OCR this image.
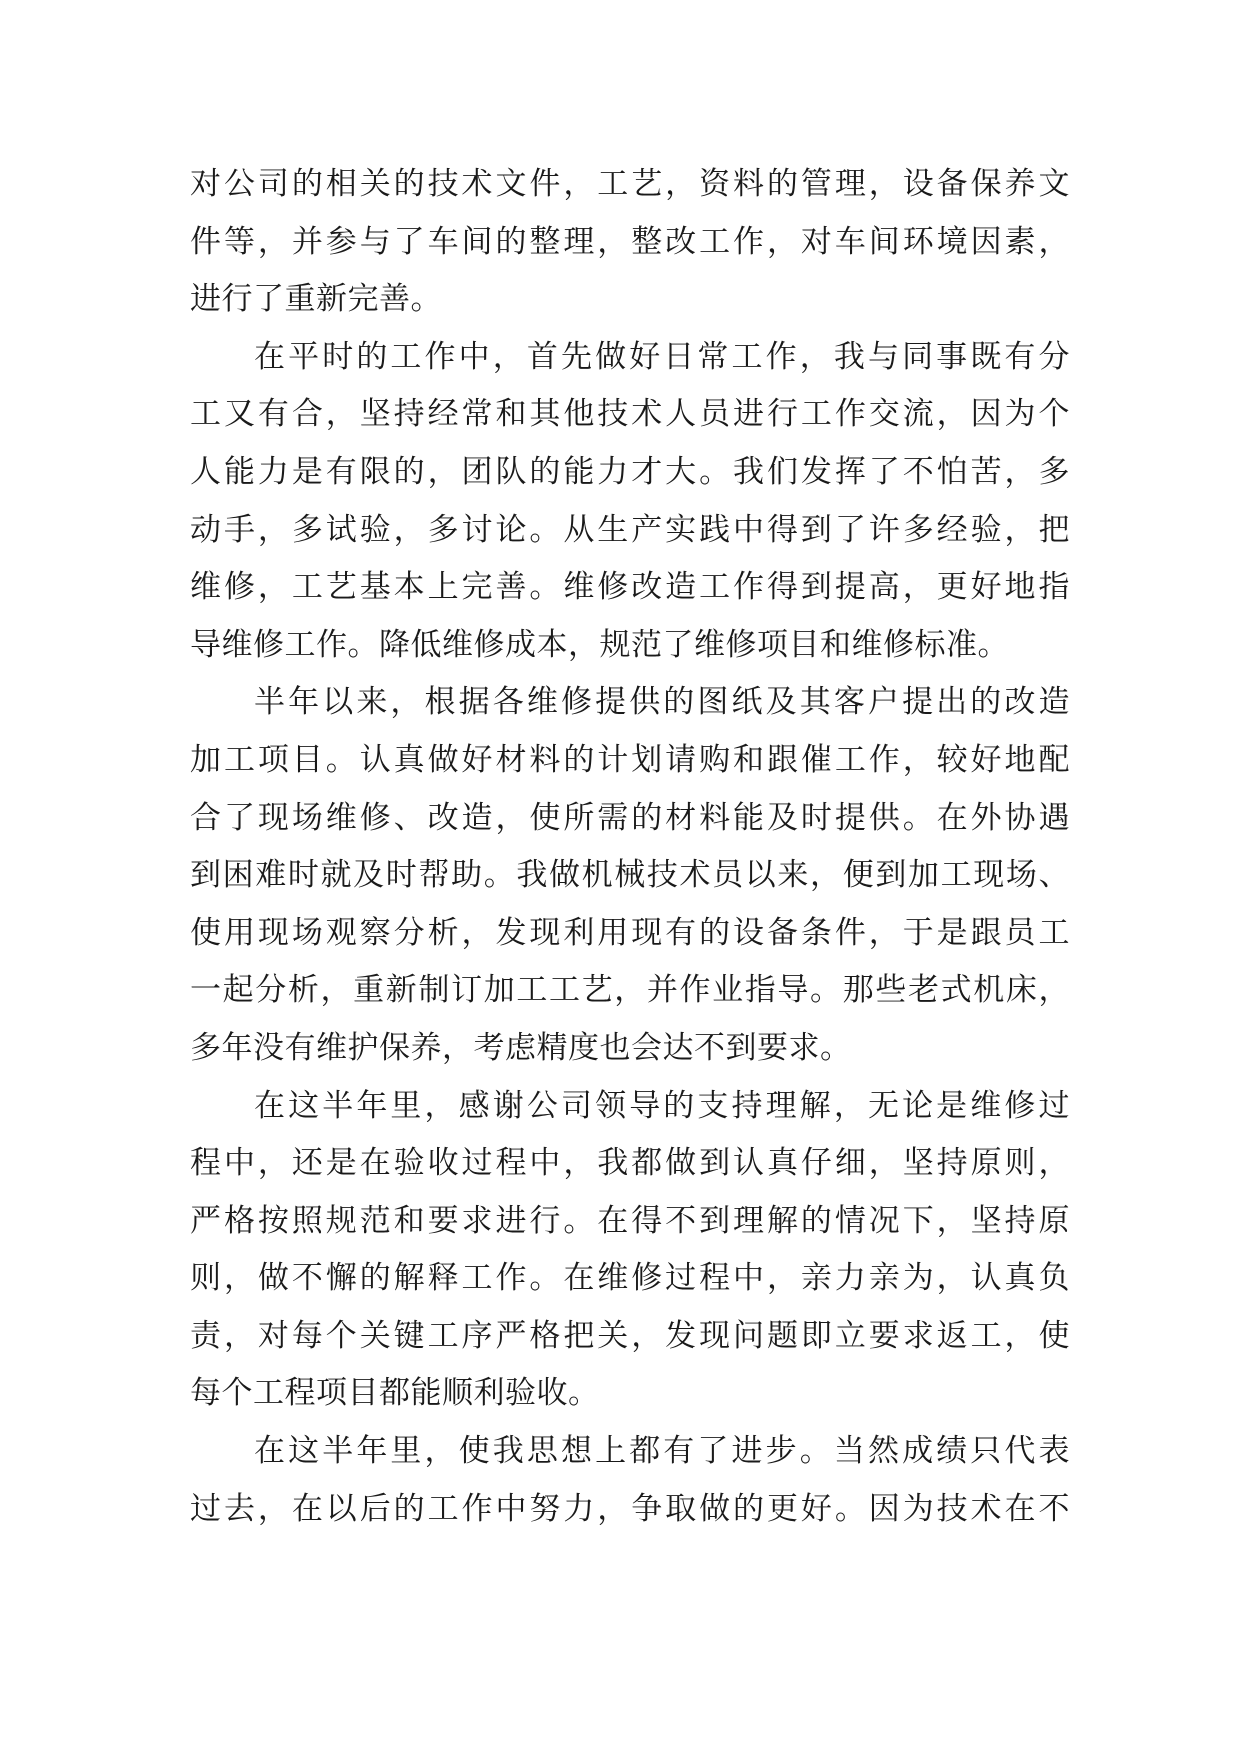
对公司的相关的技术文件，工艺，资料的管理，设备保养文
件等，并参与了车间的整理，整改工作，对车间环境因素，
进行了重新完善。
在平时的工作中，首先做好日常工作，我与同事既有分
工又有合，坚持经常和其他技术人员进行工作交流，因为个
人能力是有限的，团队的能力才大。我们发挥了不怕苦，多
动手，多试验，多讨论。从生产实践中得到了许多经验，把
维修，工艺基本上完善。维修改造工作得到提高，更好地指
导维修工作。降低维修成本，规范了维修项目和维修标准。
半年以来，根据各维修提供的图纸及其客户提出的改造
加工项目。认真做好材料的计划请购和跟催工作，较好地配
合了现场维修、改造，使所需的材料能及时提供。在外协遇
到困难时就及时帮助。我做机械技术员以来，便到加工现场、
使用现场观察分析，发现利用现有的设备条件，于是跟员工
一起分析，重新制订加工工艺，并作业指导。那些老式机床，
多年没有维护保养，考虑精度也会达不到要求。
在这半年里，感谢公司领导的支持理解，无论是维修过
程中，还是在验收过程中，我都做到认真仔细，坚持原则，
严格按照规范和要求进行。在得不到理解的情况下，坚持原
则，做不懈的解释工作。在维修过程中，亲力亲为，认真负
责，对每个关键工序严格把关，发现问题即立要求返工，使
每个工程项目都能顺利验收。
在这半年里，使我思想上都有了进步。当然成绩只代表
过去，在以后的工作中努力，争取做的更好。因为技术在不
